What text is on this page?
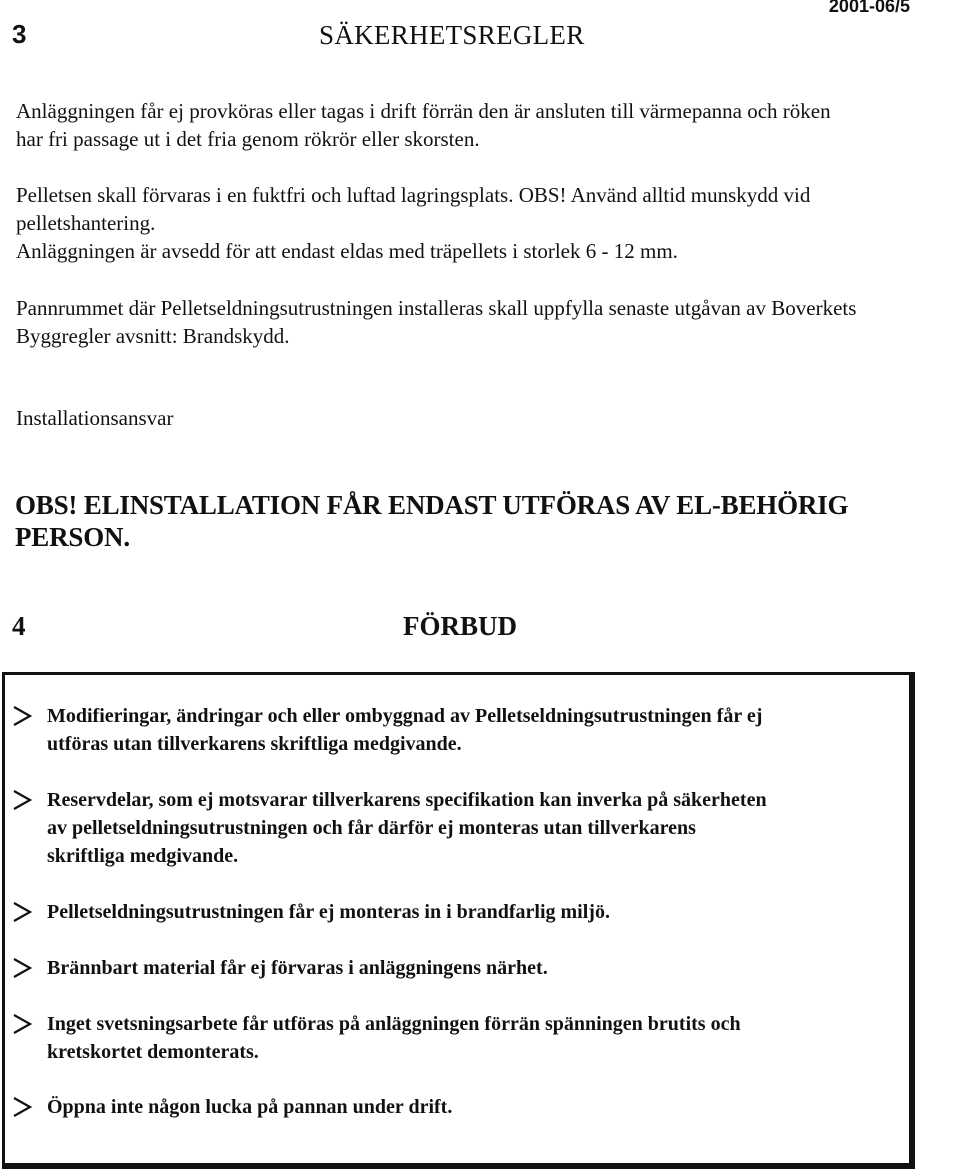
3	SÄKERHETSREGLER
2001-06/5
Anläggningen får ej provköras eller tagas i drift förrän den är ansluten till värmepanna och röken
har fri passage ut i det fria genom rökrör eller skorsten.
Pelletsen skall förvaras i en fuktfri och luftad lagringsplats. OBS! Använd alltid munskydd vid
pelletshantering.
Anläggningen är avsedd för att endast eldas med träpellets i storlek 6 - 12 mm.
Pannrummet där Pelletseldningsutrustningen installeras skall uppfylla senaste utgåvan av Boverkets
Byggregler avsnitt: Brandskydd.
Installationsansvar
OBS! ELINSTALLATION FÅR ENDAST UTFÖRAS AV EL-BEHÖRIG
PERSON.
4	FÖRBUD
Modifieringar, ändringar och eller ombyggnad av Pelletseldningsutrustningen får ej
utföras utan tillverkarens skriftliga medgivande.
Reservdelar, som ej motsvarar tillverkarens specifikation kan inverka på säkerheten
av pelletseldningsutrustningen och får därför ej monteras utan tillverkarens
skriftliga medgivande.
Pelletseldningsutrustningen får ej monteras in i brandfarlig miljö.
Brännbart material får ej förvaras i anläggningens närhet.
Inget svetsningsarbete får utföras på anläggningen förrän spänningen brutits och
kretskortet demonterats.
Öppna inte någon lucka på pannan under drift.
